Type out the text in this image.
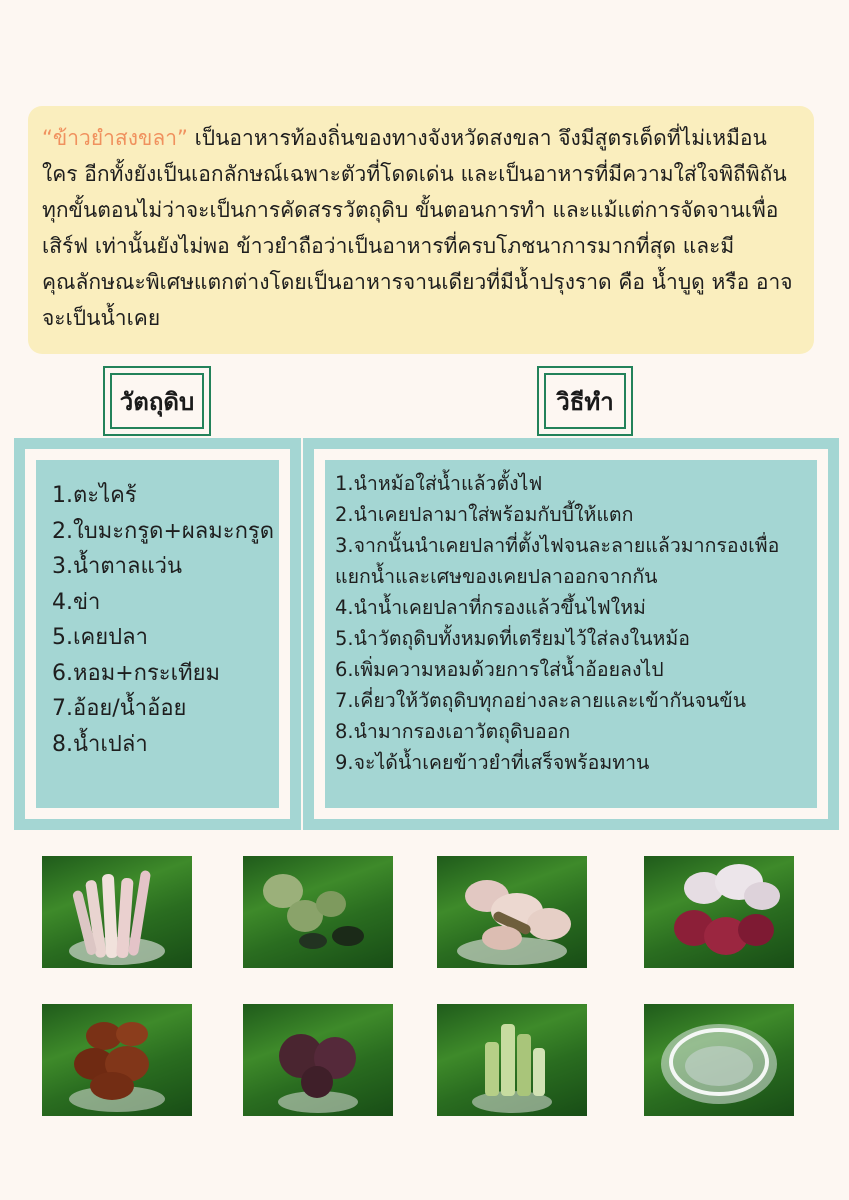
“ข้าวยำสงขลา” เป็นอาหารท้องถิ่นของทางจังหวัดสงขลา จึงมีสูตรเด็ดที่ไม่เหมือนใคร อีกทั้งยังเป็นเอกลักษณ์เฉพาะตัวที่โดดเด่น และเป็นอาหารที่มีความใส่ใจพิถีพิถันทุกขั้นตอนไม่ว่าจะเป็นการคัดสรรวัตถุดิบ ขั้นตอนการทำ และแม้แต่การจัดจานเพื่อเสิร์ฟ เท่านั้นยังไม่พอ ข้าวยำถือว่าเป็นอาหารที่ครบโภชนาการมากที่สุด และมีคุณลักษณะพิเศษแตกต่างโดยเป็นอาหารจานเดียวที่มีน้ำปรุงราด คือ น้ำบูดู หรือ อาจจะเป็นน้ำเคย
วัตถุดิบ	วิธีทำ
1.ตะไคร้
2.ใบมะกรูด+ผลมะกรูด
3.น้ำตาลแว่น
4.ข่า
5.เคยปลา
6.หอม+กระเทียม
7.อ้อย/น้ำอ้อย
8.น้ำเปล่า
1.นำหม้อใส่น้ำแล้วตั้งไฟ
2.นำเคยปลามาใส่พร้อมกับบี้ให้แตก
3.จากนั้นนำเคยปลาที่ตั้งไฟจนละลายแล้วมากรองเพื่อ
แยกน้ำและเศษของเคยปลาออกจากกัน
4.นำน้ำเคยปลาที่กรองแล้วขึ้นไฟใหม่
5.นำวัตถุดิบทั้งหมดที่เตรียมไว้ใส่ลงในหม้อ
6.เพิ่มความหอมด้วยการใส่น้ำอ้อยลงไป
7.เคี่ยวให้วัตถุดิบทุกอย่างละลายและเข้ากันจนข้น
8.นำมากรองเอาวัตถุดิบออก
9.จะได้น้ำเคยข้าวยำที่เสร็จพร้อมทาน
